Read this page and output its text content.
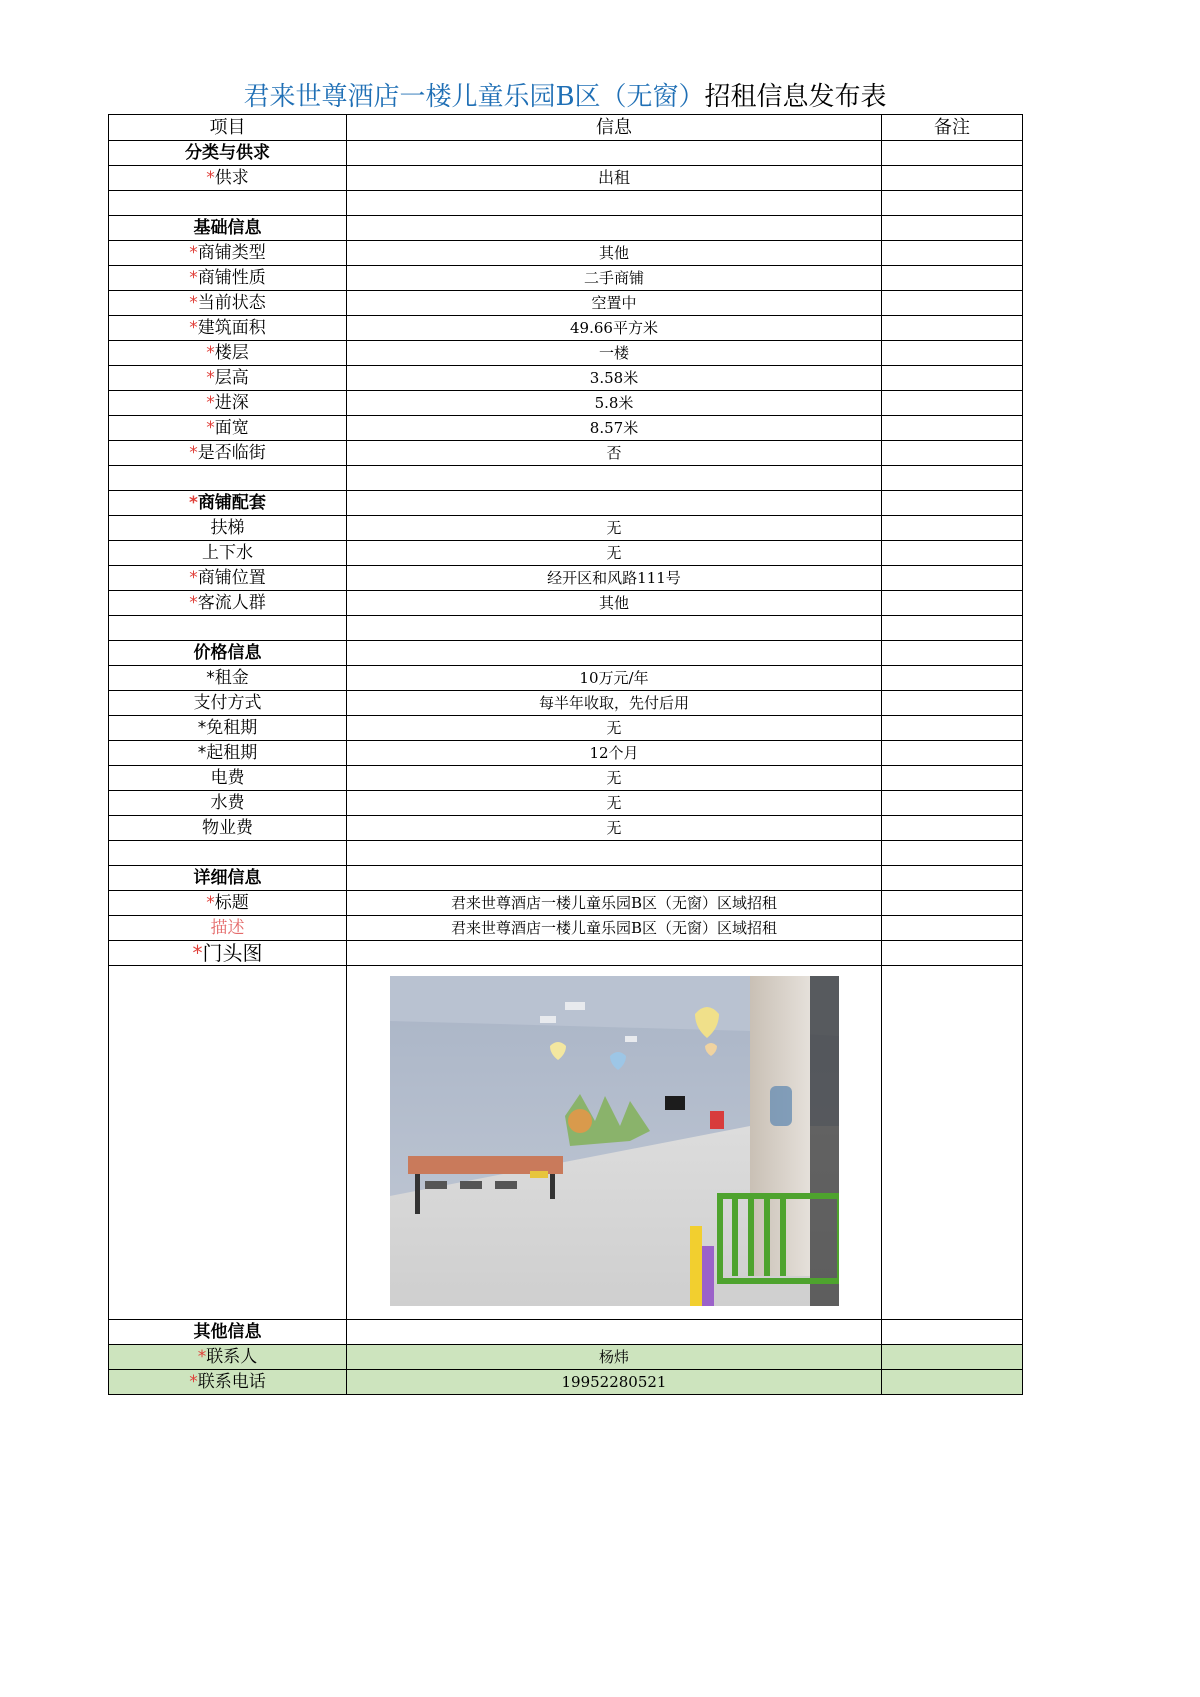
君来世尊酒店一楼儿童乐园B区（无窗）招租信息发布表
项目	信息	备注
分类与供求		
*供求	出租	

基础信息		
*商铺类型	其他	
*商铺性质	二手商铺	
*当前状态	空置中	
*建筑面积	49.66平方米	
*楼层	一楼	
*层高	3.58米	
*进深	5.8米	
*面宽	8.57米	
*是否临街	否	

*商铺配套		
扶梯	无	
上下水	无	
*商铺位置	经开区和风路111号	
*客流人群	其他	

价格信息		
*租金	10万元/年	
支付方式	每半年收取，先付后用	
*免租期	无	
*起租期	12个月	
电费	无	
水费	无	
物业费	无	

详细信息		
*标题	君来世尊酒店一楼儿童乐园B区（无窗）区域招租	
描述	君来世尊酒店一楼儿童乐园B区（无窗）区域招租	
*门头图		

其他信息		
*联系人	杨炜	
*联系电话	19952280521	
